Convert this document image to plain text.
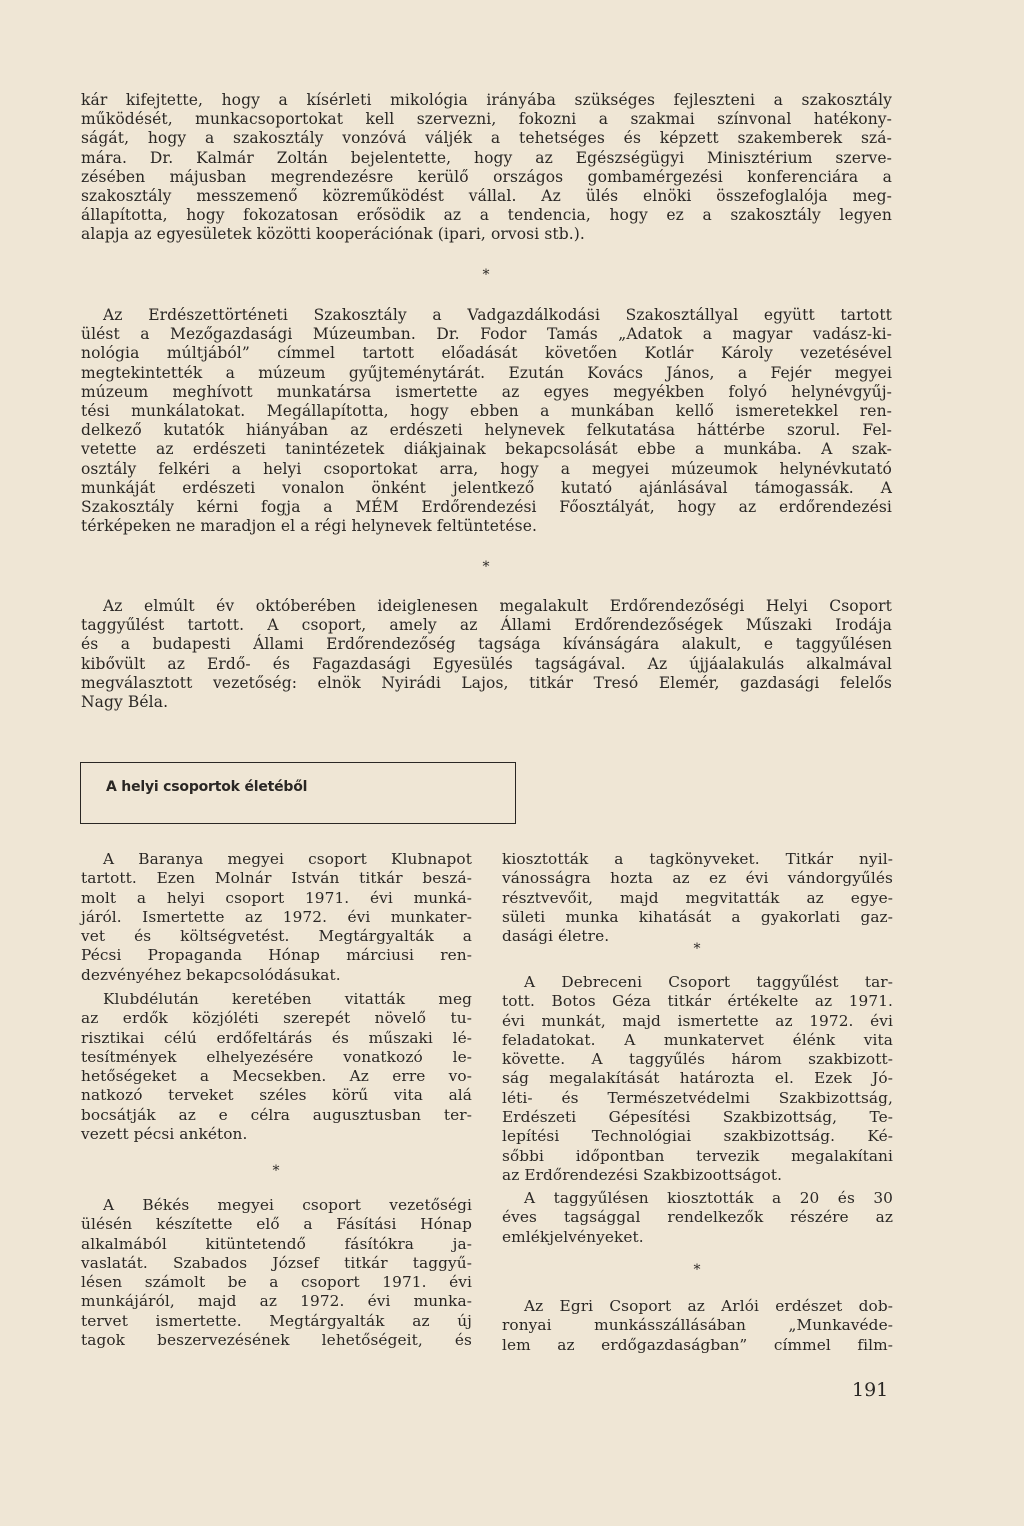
kár kifejtette, hogy a kísérleti mikológia irányába szükséges fejleszteni a szakosztály
működését, munkacsoportokat kell szervezni, fokozni a szakmai színvonal hatékony-
ságát, hogy a szakosztály vonzóvá váljék a tehetséges és képzett szakemberek szá-
mára. Dr. Kalmár Zoltán bejelentette, hogy az Egészségügyi Minisztérium szerve-
zésében májusban megrendezésre kerülő országos gombamérgezési konferenciára a
szakosztály messzemenő közreműködést vállal. Az ülés elnöki összefoglalója meg-
állapította, hogy fokozatosan erősödik az a tendencia, hogy ez a szakosztály legyen
alapja az egyesületek közötti kooperációnak (ipari, orvosi stb.).
*
Az Erdészettörténeti Szakosztály a Vadgazdálkodási Szakosztállyal együtt tartott
ülést a Mezőgazdasági Múzeumban. Dr. Fodor Tamás „Adatok a magyar vadász-ki-
nológia múltjából” címmel tartott előadását követően Kotlár Károly vezetésével
megtekintették a múzeum gyűjteménytárát. Ezután Kovács János, a Fejér megyei
múzeum meghívott munkatársa ismertette az egyes megyékben folyó helynévgyűj-
tési munkálatokat. Megállapította, hogy ebben a munkában kellő ismeretekkel ren-
delkező kutatók hiányában az erdészeti helynevek felkutatása háttérbe szorul. Fel-
vetette az erdészeti tanintézetek diákjainak bekapcsolását ebbe a munkába. A szak-
osztály felkéri a helyi csoportokat arra, hogy a megyei múzeumok helynévkutató
munkáját erdészeti vonalon önként jelentkező kutató ajánlásával támogassák. A
Szakosztály kérni fogja a MÉM Erdőrendezési Főosztályát, hogy az erdőrendezési
térképeken ne maradjon el a régi helynevek feltüntetése.
*
Az elmúlt év októberében ideiglenesen megalakult Erdőrendezőségi Helyi Csoport
taggyűlést tartott. A csoport, amely az Állami Erdőrendezőségek Műszaki Irodája
és a budapesti Állami Erdőrendezőség tagsága kívánságára alakult, e taggyűlésen
kibővült az Erdő- és Fagazdasági Egyesülés tagságával. Az újjáalakulás alkalmával
megválasztott vezetőség: elnök Nyirádi Lajos, titkár Tresó Elemér, gazdasági felelős
Nagy Béla.
A helyi csoportok életéből
A Baranya megyei csoport Klubnapot
tartott. Ezen Molnár István titkár beszá-
molt a helyi csoport 1971. évi munká-
járól. Ismertette az 1972. évi munkater-
vet és költségvetést. Megtárgyalták a
Pécsi Propaganda Hónap márciusi ren-
dezvényéhez bekapcsolódásukat.
Klubdélután keretében vitatták meg
az erdők közjóléti szerepét növelő tu-
risztikai célú erdőfeltárás és műszaki lé-
tesítmények elhelyezésére vonatkozó le-
hetőségeket a Mecsekben. Az erre vo-
natkozó terveket széles körű vita alá
bocsátják az e célra augusztusban ter-
vezett pécsi ankéton.
*
A Békés megyei csoport vezetőségi
ülésén készítette elő a Fásítási Hónap
alkalmából kitüntetendő fásítókra ja-
vaslatát. Szabados József titkár taggyű-
lésen számolt be a csoport 1971. évi
munkájáról, majd az 1972. évi munka-
tervet ismertette. Megtárgyalták az új
tagok beszervezésének lehetőségeit, és
kiosztották a tagkönyveket. Titkár nyil-
vánosságra hozta az ez évi vándorgyűlés
résztvevőit, majd megvitatták az egye-
sületi munka kihatását a gyakorlati gaz-
dasági életre.
*
A Debreceni Csoport taggyűlést tar-
tott. Botos Géza titkár értékelte az 1971.
évi munkát, majd ismertette az 1972. évi
feladatokat. A munkatervet élénk vita
követte. A taggyűlés három szakbizott-
ság megalakítását határozta el. Ezek Jó-
léti- és Természetvédelmi Szakbizottság,
Erdészeti Gépesítési Szakbizottság, Te-
lepítési Technológiai szakbizottság. Ké-
sőbbi időpontban tervezik megalakítani
az Erdőrendezési Szakbizoottságot.
A taggyűlésen kiosztották a 20 és 30
éves tagsággal rendelkezők részére az
emlékjelvényeket.
*
Az Egri Csoport az Arlói erdészet dob-
ronyai munkásszállásában „Munkavéde-
lem az erdőgazdaságban” címmel film-
191
